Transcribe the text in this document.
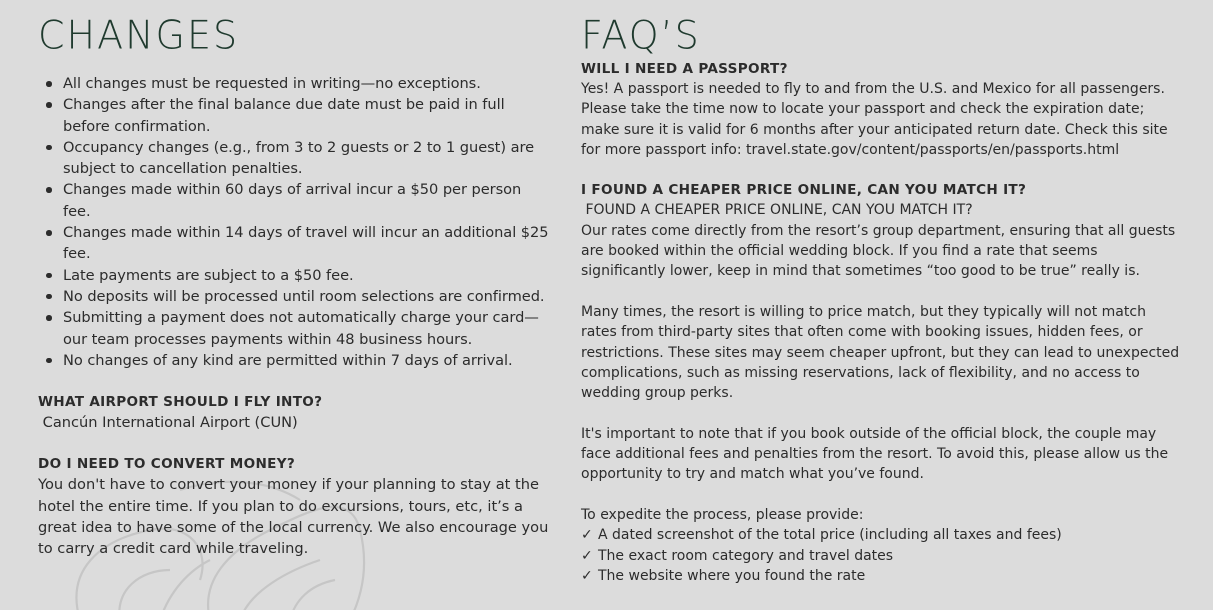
CHANGES
All changes must be requested in writing—no exceptions.
Changes after the final balance due date must be paid in full before confirmation.
Occupancy changes (e.g., from 3 to 2 guests or 2 to 1 guest) are subject to cancellation penalties.
Changes made within 60 days of arrival incur a $50 per person fee.
Changes made within 14 days of travel will incur an additional $25 fee.
Late payments are subject to a $50 fee.
No deposits will be processed until room selections are confirmed.
Submitting a payment does not automatically charge your card—our team processes payments within 48 business hours.
No changes of any kind are permitted within 7 days of arrival.
WHAT AIRPORT SHOULD I FLY INTO?
Cancún International Airport (CUN)
DO I NEED TO CONVERT MONEY?
You don't have to convert your money if your planning to stay at the hotel the entire time. If you plan to do excursions, tours, etc, it’s a great idea to have some of the local currency. We also encourage you to carry a credit card while traveling.
FAQ’S
WILL I NEED A PASSPORT?
Yes! A passport is needed to fly to and from the U.S. and Mexico for all passengers. Please take the time now to locate your passport and check the expiration date; make sure it is valid for 6 months after your anticipated return date. Check this site for more passport info: travel.state.gov/content/passports/en/passports.html
I FOUND A CHEAPER PRICE ONLINE, CAN YOU MATCH IT?
FOUND A CHEAPER PRICE ONLINE, CAN YOU MATCH IT?
Our rates come directly from the resort’s group department, ensuring that all guests are booked within the official wedding block. If you find a rate that seems significantly lower, keep in mind that sometimes “too good to be true” really is.
Many times, the resort is willing to price match, but they typically will not match rates from third-party sites that often come with booking issues, hidden fees, or restrictions. These sites may seem cheaper upfront, but they can lead to unexpected complications, such as missing reservations, lack of flexibility, and no access to wedding group perks.
It's important to note that if you book outside of the official block, the couple may face additional fees and penalties from the resort. To avoid this, please allow us the opportunity to try and match what you’ve found.
To expedite the process, please provide:
✓ A dated screenshot of the total price (including all taxes and fees)
✓ The exact room category and travel dates
✓ The website where you found the rate
